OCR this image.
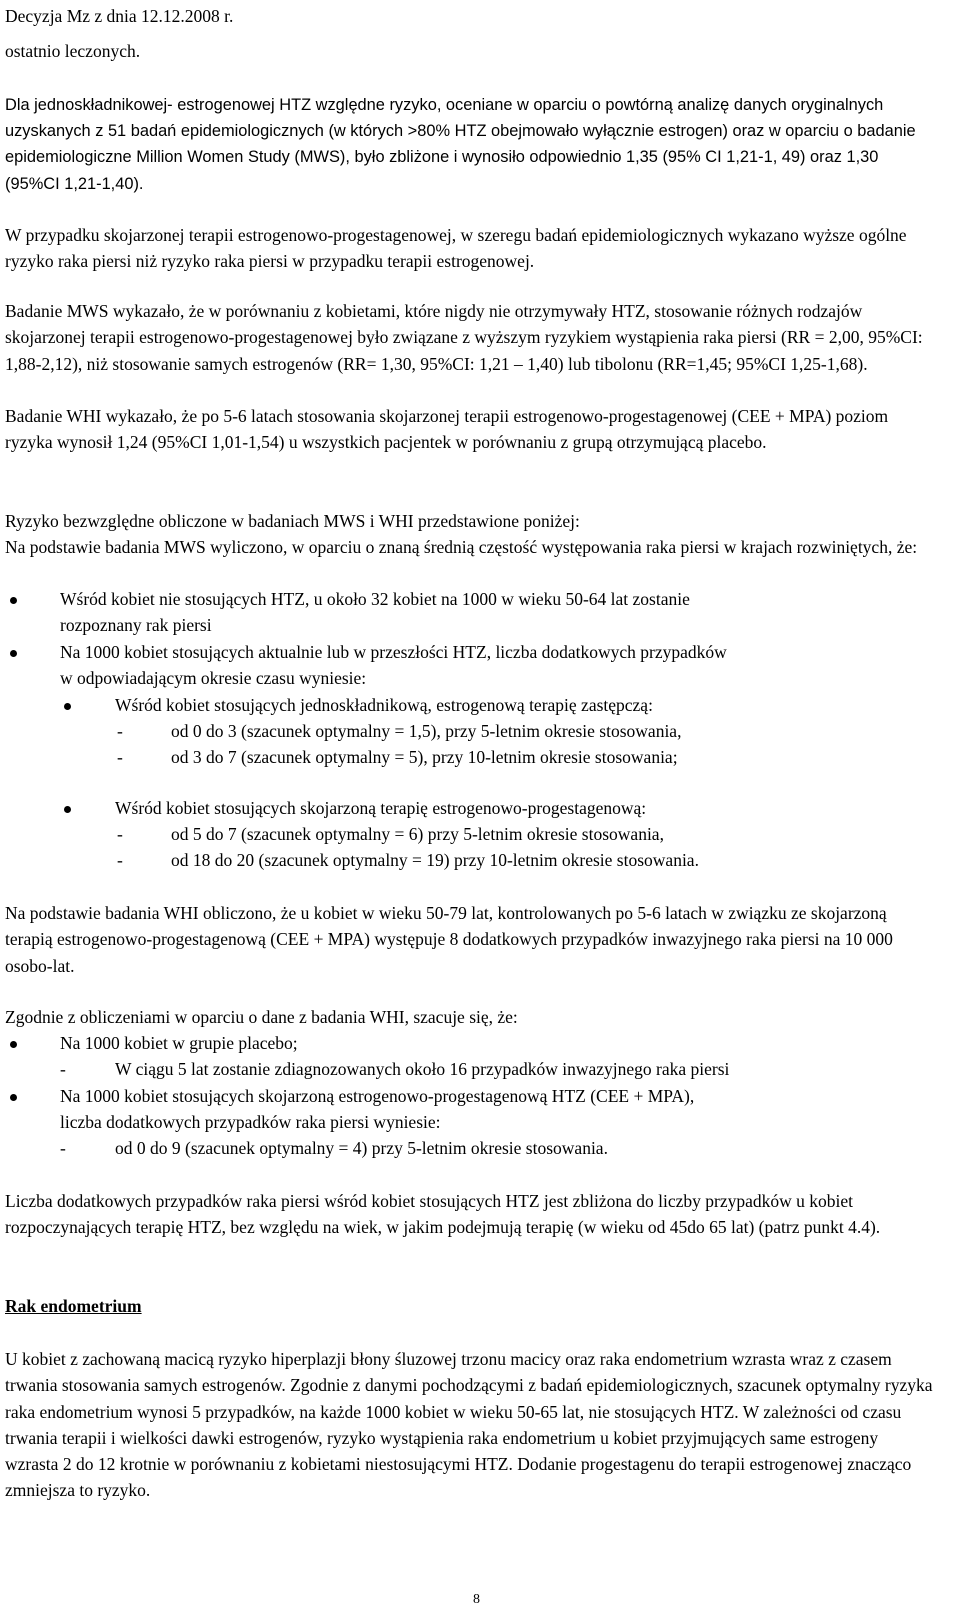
Decyzja Mz z dnia 12.12.2008 r.
ostatnio leczonych.

Dla jednoskładnikowej- estrogenowej HTZ względne ryzyko, oceniane w oparciu o powtórną analizę danych oryginalnych uzyskanych z 51 badań epidemiologicznych (w których >80% HTZ obejmowało wyłącznie estrogen) oraz w oparciu o badanie epidemiologiczne Million Women Study (MWS), było zbliżone i wynosiło odpowiednio 1,35 (95% CI 1,21-1, 49) oraz 1,30 (95%CI 1,21-1,40).

W przypadku skojarzonej terapii estrogenowo-progestagenowej, w szeregu badań epidemiologicznych wykazano wyższe ogólne ryzyko raka piersi niż ryzyko raka piersi w przypadku terapii estrogenowej.

Badanie MWS wykazało, że w porównaniu z kobietami, które nigdy nie otrzymywały HTZ, stosowanie różnych rodzajów skojarzonej terapii estrogenowo-progestagenowej było związane z wyższym ryzykiem wystąpienia raka piersi (RR = 2,00, 95%CI: 1,88-2,12), niż stosowanie samych estrogenów (RR= 1,30, 95%CI: 1,21 – 1,40) lub tibolonu (RR=1,45; 95%CI 1,25-1,68).

Badanie WHI wykazało, że po 5-6 latach stosowania skojarzonej terapii estrogenowo-progestagenowej (CEE + MPA) poziom ryzyka wynosił 1,24 (95%CI 1,01-1,54) u wszystkich pacjentek w porównaniu z grupą otrzymującą placebo.

Ryzyko bezwzględne obliczone w badaniach MWS i WHI przedstawione poniżej:

Na podstawie badania MWS wyliczono, w oparciu o znaną średnią częstość występowania raka piersi w krajach rozwiniętych, że:

Wśród kobiet nie stosujących HTZ, u około 32 kobiet na 1000 w wieku 50-64 lat zostanie
rozpoznany rak piersi
Na 1000 kobiet stosujących aktualnie lub w przeszłości HTZ, liczba dodatkowych przypadków
w odpowiadającym okresie czasu wyniesie:
Wśród kobiet stosujących jednoskładnikową, estrogenową terapię zastępczą:
-	od 0 do 3 (szacunek optymalny = 1,5), przy 5-letnim okresie stosowania,
-	od 3 do 7 (szacunek optymalny = 5), przy 10-letnim okresie stosowania;
Wśród kobiet stosujących skojarzoną terapię estrogenowo-progestagenową:
-	od 5 do 7 (szacunek optymalny = 6) przy 5-letnim okresie stosowania,
-	od 18 do 20 (szacunek optymalny = 19) przy 10-letnim okresie stosowania.

Na podstawie badania WHI obliczono, że u kobiet w wieku 50-79 lat, kontrolowanych po 5-6 latach w związku ze skojarzoną terapią estrogenowo-progestagenową (CEE + MPA) występuje 8 dodatkowych przypadków inwazyjnego raka piersi na 10 000 osobo-lat.

Zgodnie z obliczeniami w oparciu o dane z badania WHI, szacuje się, że:
Na 1000 kobiet w grupie placebo;
-	W ciągu 5 lat zostanie zdiagnozowanych około 16 przypadków inwazyjnego raka piersi
Na 1000 kobiet stosujących skojarzoną estrogenowo-progestagenową HTZ (CEE + MPA),
liczba dodatkowych przypadków raka piersi wyniesie:
-	od 0 do 9 (szacunek optymalny = 4) przy 5-letnim okresie stosowania.

Liczba dodatkowych przypadków raka piersi wśród kobiet stosujących HTZ jest zbliżona do liczby przypadków u kobiet rozpoczynających terapię HTZ, bez względu na wiek, w jakim podejmują terapię (w wieku od 45do 65 lat) (patrz punkt 4.4).

Rak endometrium

U kobiet z zachowaną macicą ryzyko hiperplazji błony śluzowej trzonu macicy oraz raka endometrium wzrasta wraz z czasem trwania stosowania samych estrogenów. Zgodnie z danymi pochodzącymi z badań epidemiologicznych, szacunek optymalny ryzyka raka endometrium wynosi 5 przypadków, na każde 1000 kobiet w wieku 50-65 lat, nie stosujących HTZ. W zależności od czasu trwania terapii i wielkości dawki estrogenów, ryzyko wystąpienia raka endometrium u kobiet przyjmujących same estrogeny wzrasta 2 do 12 krotnie w porównaniu z kobietami niestosującymi HTZ. Dodanie progestagenu do terapii estrogenowej znacząco zmniejsza to ryzyko.

8
